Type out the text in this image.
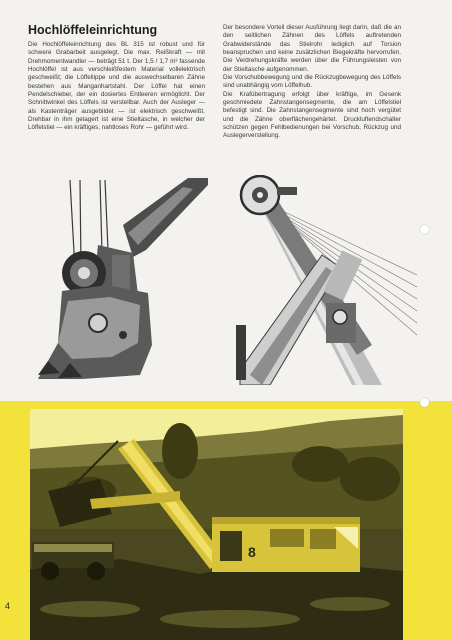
Hochlöffeleinrichtung

Die Hochlöffeleinrichtung des BL 315 ist robust und für schwere Grabarbeit ausgelegt. Die max. Reißkraft — mit Drehmomentwandler — beträgt 51 t. Der 1,5 / 1,7 m³ fassende Hochlöffel ist aus verschleißfestem Material vollelektrisch geschweißt; die Löffellippe und die auswechselbaren Zähne bestehen aus Manganhartstahl. Der Löffel hat einen Pendelschieber, der ein dosiertes Entleeren ermöglicht. Der Schnittwinkel des Löffels ist verstellbar. Auch der Ausleger — als Kastenträger ausgebildet — ist elektrisch geschweißt. Drehbar in ihm gelagert ist eine Stieltasche, in welcher der Löffelstiel — ein kräftiges, nahtloses Rohr — geführt wird.

Der besondere Vorteil dieser Ausführung liegt darin, daß die an den seitlichen Zähnen des Löffels auftretenden Grabwiderstände das Stielrohr lediglich auf Torsion beanspruchen und keine zusätzlichen Biegekräfte hervorrufen. Die Verdrehungskräfte werden über die Führungsleisten von der Stieltasche aufgenommen.

Die Vorschubbewegung und die Rückzugbewegung des Löffels sind unabhängig vom Löffelhub.

Die Krafübertragung erfolgt über kräftige, im Gesenk geschmiedete Zahnstangensegmente, die am Löffelstiel befestigt sind. Die Zahnstangensegmente sind hoch vergütet und die Zähne oberflächengehärtet. Druckluftendschalter schützen gegen Fehlbedienungen bei Vorschub, Rückzug und Auslegerverstellung.

8
4
